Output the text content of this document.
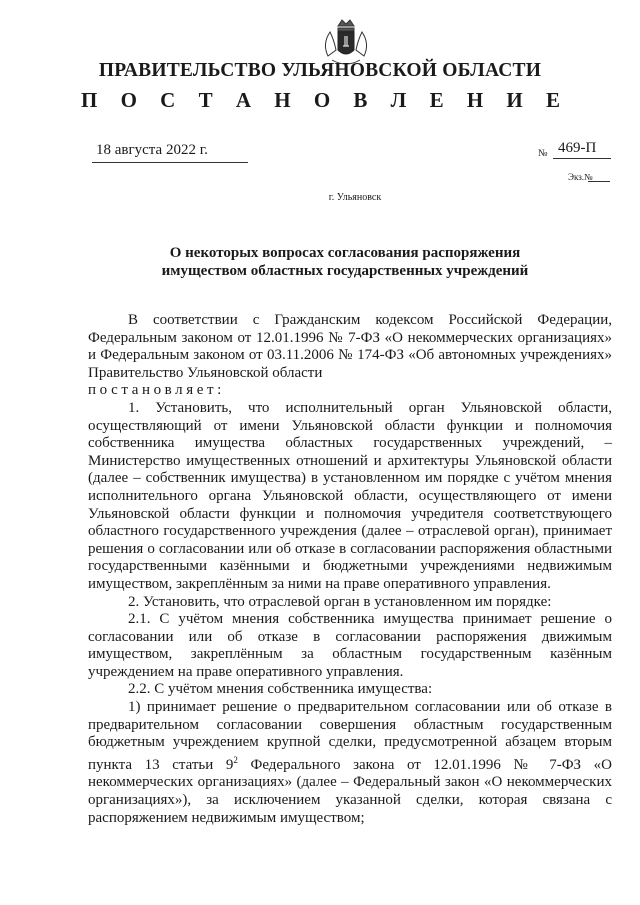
ПРАВИТЕЛЬСТВО УЛЬЯНОВСКОЙ ОБЛАСТИ
П О С Т А Н О В Л Е Н И Е
18 августа 2022 г.	№ 469-П
Экз.№
г. Ульяновск
О некоторых вопросах согласования распоряжения
имуществом областных государственных учреждений

В соответствии с Гражданским кодексом Российской Федерации, Федеральным законом от 12.01.1996 № 7-ФЗ «О некоммерческих организациях» и Федеральным законом от 03.11.2006 № 174-ФЗ «Об автономных учреждениях» Правительство Ульяновской области

постановляет:

1. Установить, что исполнительный орган Ульяновской области, осуществляющий от имени Ульяновской области функции и полномочия собственника имущества областных государственных учреждений, – Министерство имущественных отношений и архитектуры Ульяновской области (далее – собственник имущества) в установленном им порядке с учётом мнения исполнительного органа Ульяновской области, осуществляющего от имени Ульяновской области функции и полномочия учредителя соответствующего областного государственного учреждения (далее – отраслевой орган), принимает решения о согласовании или об отказе в согласовании распоряжения областными государственными казёнными и бюджетными учреждениями недвижимым имуществом, закреплённым за ними на праве оперативного управления.

2. Установить, что отраслевой орган в установленном им порядке:

2.1. С учётом мнения собственника имущества принимает решение о согласовании или об отказе в согласовании распоряжения движимым имуществом, закреплённым за областным государственным казённым учреждением на праве оперативного управления.

2.2. С учётом мнения собственника имущества:

1) принимает решение о предварительном согласовании или об отказе в предварительном согласовании совершения областным государственным бюджетным учреждением крупной сделки, предусмотренной абзацем вторым пункта 13 статьи $9^2$ Федерального закона от 12.01.1996 № 7-ФЗ «О некоммерческих организациях» (далее – Федеральный закон «О некоммерческих организациях»), за исключением указанной сделки, которая связана с распоряжением недвижимым имуществом;
